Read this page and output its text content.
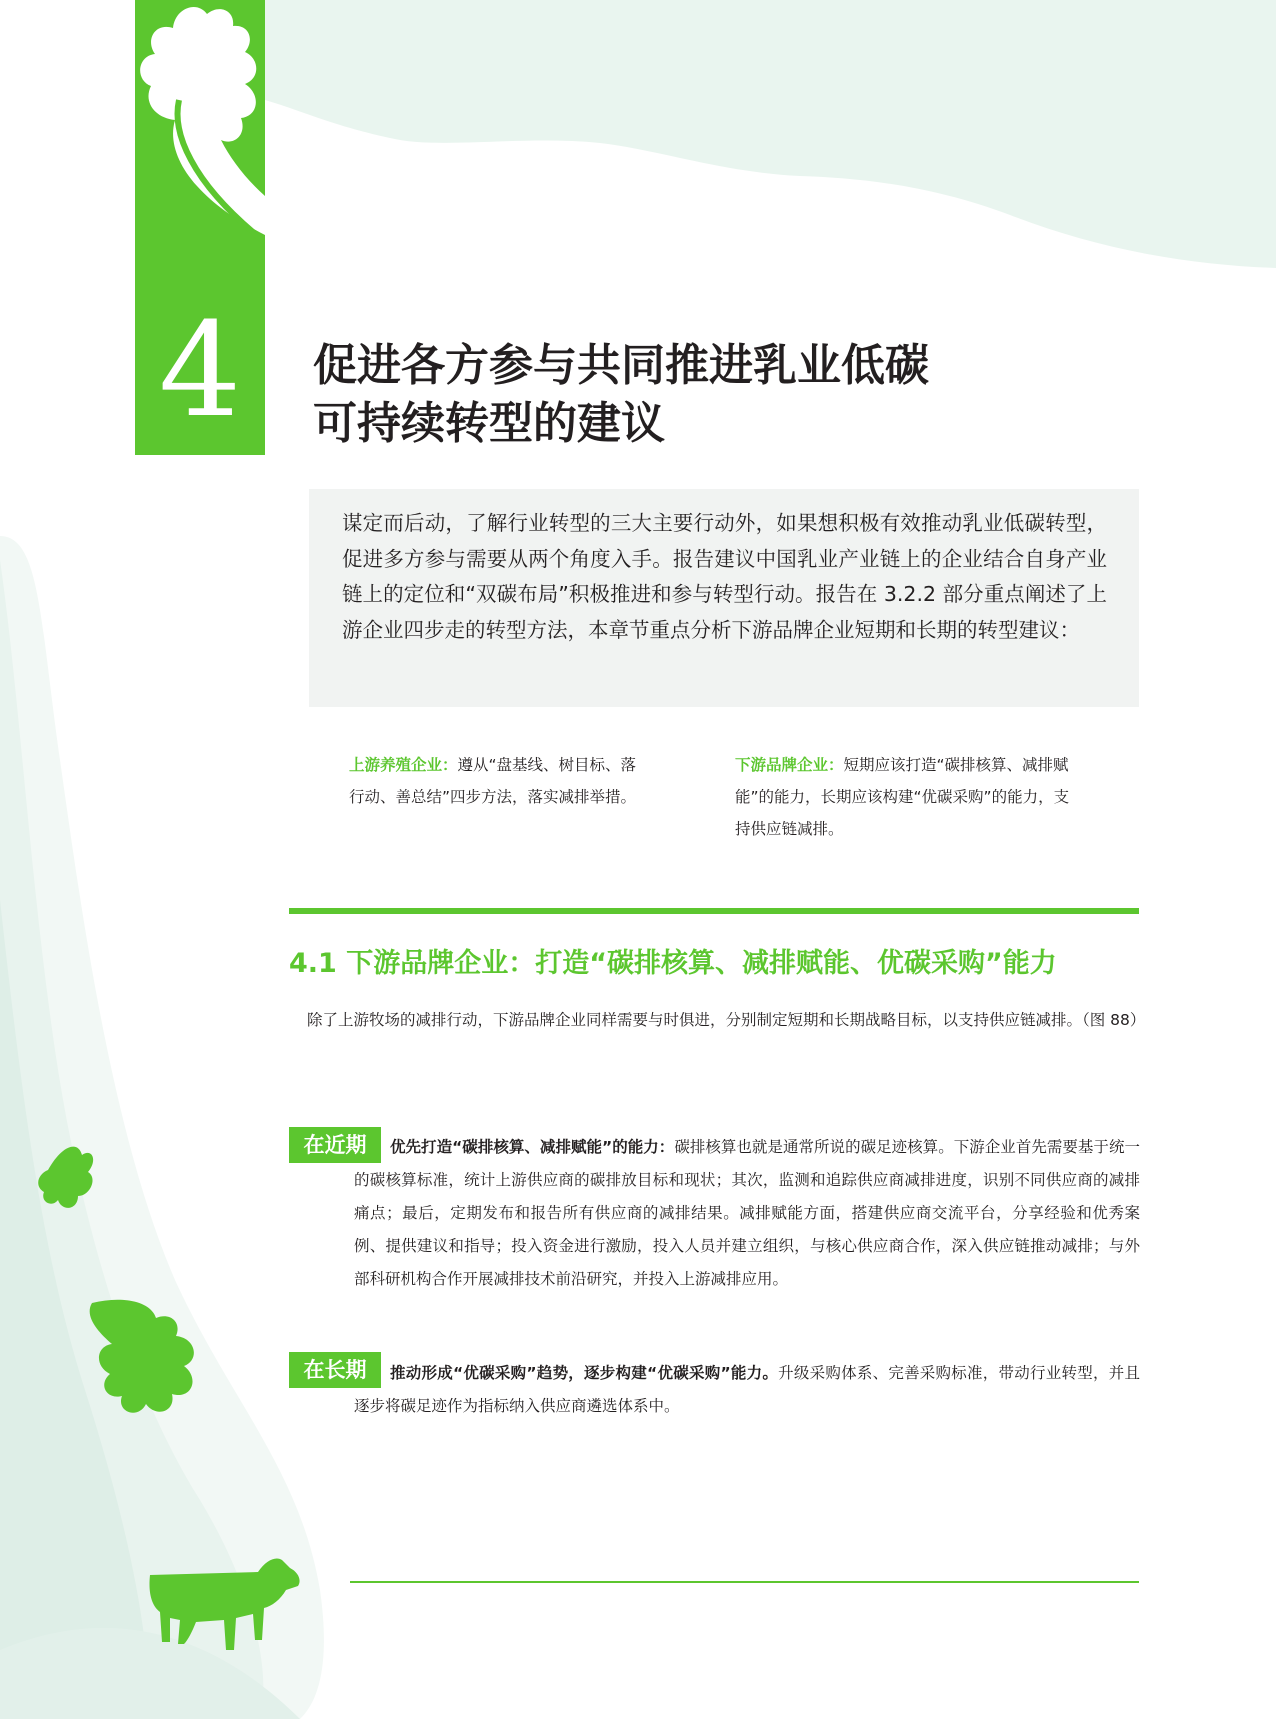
4	促进各方参与共同推进乳业低碳
可持续转型的建议
谋定而后动，了解行业转型的三大主要行动外，如果想积极有效推动乳业低碳转型，促进多方参与需要从两个角度入手。报告建议中国乳业产业链上的企业结合自身产业链上的定位和“双碳布局”积极推进和参与转型行动。报告在 3.2.2 部分重点阐述了上游企业四步走的转型方法，本章节重点分析下游品牌企业短期和长期的转型建议：
上游养殖企业：遵从“盘基线、树目标、落行动、善总结”四步方法，落实减排举措。
下游品牌企业：短期应该打造“碳排核算、减排赋能”的能力，长期应该构建“优碳采购”的能力，支持供应链减排。
4.1 下游品牌企业：打造“碳排核算、减排赋能、优碳采购”能力
除了上游牧场的减排行动，下游品牌企业同样需要与时俱进，分别制定短期和长期战略目标，以支持供应链减排。（图 88）
在近期	优先打造“碳排核算、减排赋能”的能力：碳排核算也就是通常所说的碳足迹核算。下游企业首先需要基于统一的碳核算标准，统计上游供应商的碳排放目标和现状；其次，监测和追踪供应商减排进度，识别不同供应商的减排痛点；最后，定期发布和报告所有供应商的减排结果。减排赋能方面，搭建供应商交流平台，分享经验和优秀案例、提供建议和指导；投入资金进行激励，投入人员并建立组织，与核心供应商合作，深入供应链推动减排；与外部科研机构合作开展减排技术前沿研究，并投入上游减排应用。
在长期	推动形成“优碳采购”趋势，逐步构建“优碳采购”能力。升级采购体系、完善采购标准，带动行业转型，并且逐步将碳足迹作为指标纳入供应商遴选体系中。
